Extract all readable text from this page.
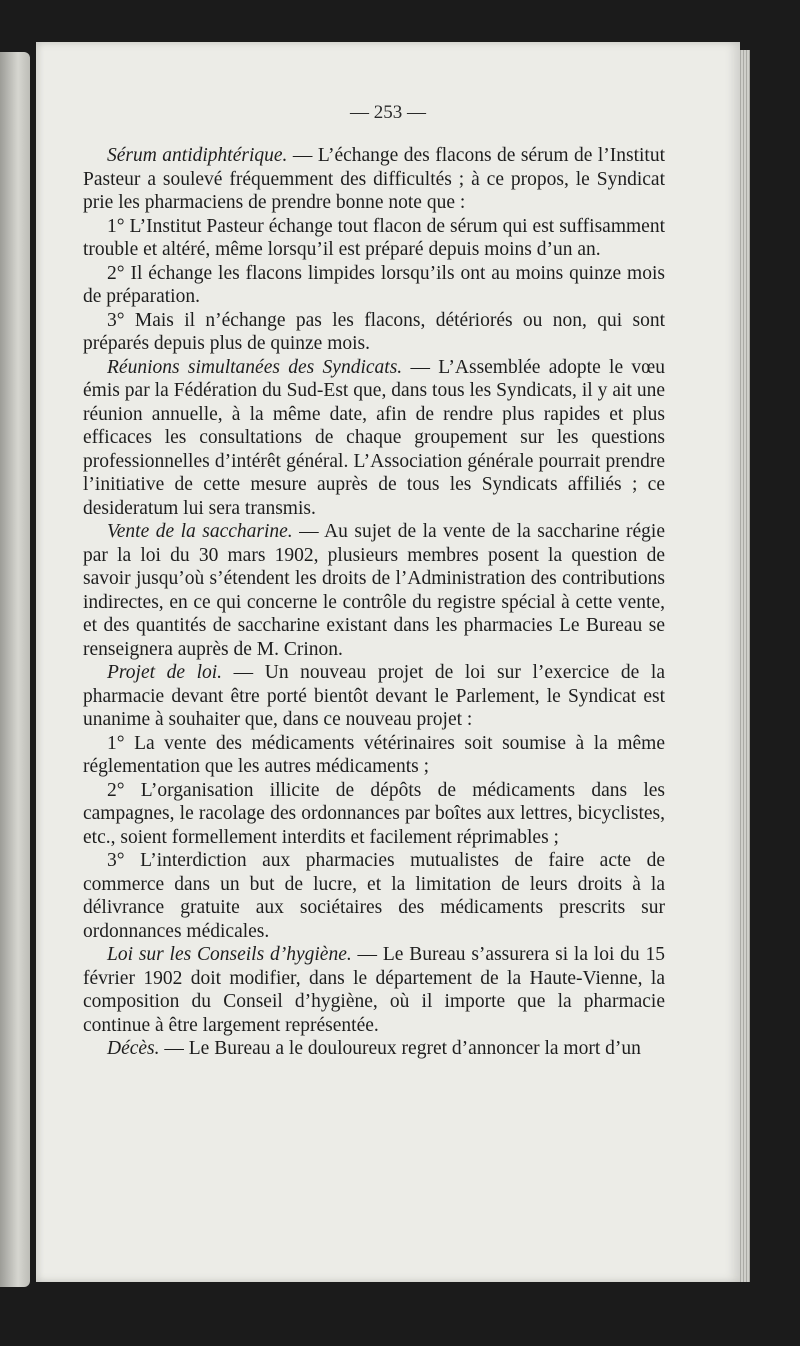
— 253 —

Sérum antidiphtérique. — L’échange des flacons de sérum de l’Institut Pasteur a soulevé fréquemment des difficultés ; à ce propos, le Syndicat prie les pharmaciens de prendre bonne note que :

1° L’Institut Pasteur échange tout flacon de sérum qui est suffisamment trouble et altéré, même lorsqu’il est préparé depuis moins d’un an.

2° Il échange les flacons limpides lorsqu’ils ont au moins quinze mois de préparation.

3° Mais il n’échange pas les flacons, détériorés ou non, qui sont préparés depuis plus de quinze mois.

Réunions simultanées des Syndicats. — L’Assemblée adopte le vœu émis par la Fédération du Sud-Est que, dans tous les Syndicats, il y ait une réunion annuelle, à la même date, afin de rendre plus rapides et plus efficaces les consultations de chaque groupement sur les questions professionnelles d’intérêt général. L’Association générale pourrait prendre l’initiative de cette mesure auprès de tous les Syndicats affiliés ; ce desideratum lui sera transmis.

Vente de la saccharine. — Au sujet de la vente de la saccharine régie par la loi du 30 mars 1902, plusieurs membres posent la question de savoir jusqu’où s’étendent les droits de l’Administration des contributions indirectes, en ce qui concerne le contrôle du registre spécial à cette vente, et des quantités de saccharine existant dans les pharmacies Le Bureau se renseignera auprès de M. Crinon.

Projet de loi. — Un nouveau projet de loi sur l’exercice de la pharmacie devant être porté bientôt devant le Parlement, le Syndicat est unanime à souhaiter que, dans ce nouveau projet :

1° La vente des médicaments vétérinaires soit soumise à la même réglementation que les autres médicaments ;

2° L’organisation illicite de dépôts de médicaments dans les campagnes, le racolage des ordonnances par boîtes aux lettres, bicyclistes, etc., soient formellement interdits et facilement réprimables ;

3° L’interdiction aux pharmacies mutualistes de faire acte de commerce dans un but de lucre, et la limitation de leurs droits à la délivrance gratuite aux sociétaires des médicaments prescrits sur ordonnances médicales.

Loi sur les Conseils d’hygiène. — Le Bureau s’assurera si la loi du 15 février 1902 doit modifier, dans le département de la Haute-Vienne, la composition du Conseil d’hygiène, où il importe que la pharmacie continue à être largement représentée.

Décès. — Le Bureau a le douloureux regret d’annoncer la mort d’un
